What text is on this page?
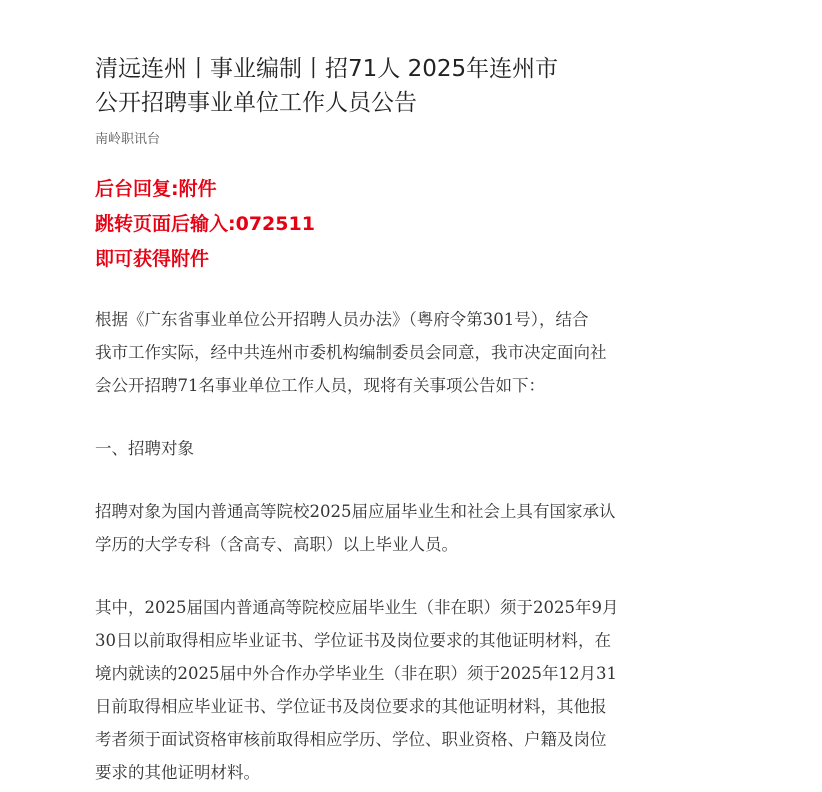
清远连州丨事业编制丨招71人 2025年连州市
公开招聘事业单位工作人员公告
南岭职讯台
后台回复:附件
跳转页面后输入:072511
即可获得附件

根据《广东省事业单位公开招聘人员办法》（粤府令第301号），结合
我市工作实际，经中共连州市委机构编制委员会同意，我市决定面向社
会公开招聘71名事业单位工作人员，现将有关事项公告如下：

一、招聘对象

招聘对象为国内普通高等院校2025届应届毕业生和社会上具有国家承认
学历的大学专科（含高专、高职）以上毕业人员。

其中，2025届国内普通高等院校应届毕业生（非在职）须于2025年9月
30日以前取得相应毕业证书、学位证书及岗位要求的其他证明材料，在
境内就读的2025届中外合作办学毕业生（非在职）须于2025年12月31
日前取得相应毕业证书、学位证书及岗位要求的其他证明材料，其他报
考者须于面试资格审核前取得相应学历、学位、职业资格、户籍及岗位
要求的其他证明材料。
